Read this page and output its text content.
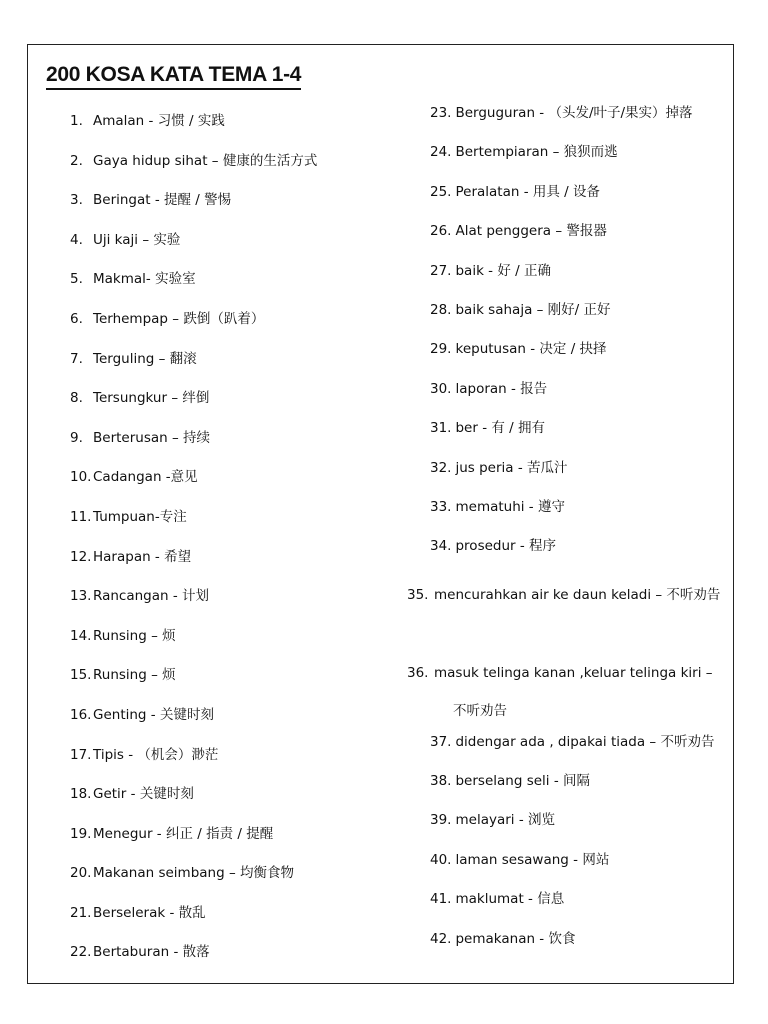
200 KOSA KATA TEMA 1-4
1. Amalan - 习惯 / 实践
2. Gaya hidup sihat – 健康的生活方式
3. Beringat - 提醒 / 警惕
4. Uji kaji – 实验
5. Makmal- 实验室
6. Terhempap – 跌倒（趴着）
7. Terguling – 翻滚
8. Tersungkur – 绊倒
9. Berterusan – 持续
10. Cadangan -意见
11. Tumpuan-专注
12. Harapan - 希望
13. Rancangan - 计划
14. Runsing – 烦
15. Runsing – 烦
16. Genting - 关键时刻
17. Tipis - （机会）渺茫
18. Getir - 关键时刻
19. Menegur - 纠正 / 指责 / 提醒
20. Makanan seimbang – 均衡食物
21. Berselerak - 散乱
22. Bertaburan - 散落
23. Berguguran - （头发/叶子/果实）掉落
24. Bertempiaran – 狼狈而逃
25. Peralatan - 用具 / 设备
26. Alat penggera – 警报器
27. baik - 好 / 正确
28. baik sahaja – 刚好/ 正好
29. keputusan - 决定 / 抉择
30. laporan - 报告
31. ber - 有 / 拥有
32. jus peria - 苦瓜汁
33. mematuhi - 遵守
34. prosedur - 程序
35. mencurahkan air ke daun keladi – 不听劝告
36. masuk telinga kanan ,keluar telinga kiri – 不听劝告
37. didengar ada , dipakai tiada – 不听劝告
38. berselang seli - 间隔
39. melayari - 浏览
40. laman sesawang - 网站
41. maklumat - 信息
42. pemakanan - 饮食
